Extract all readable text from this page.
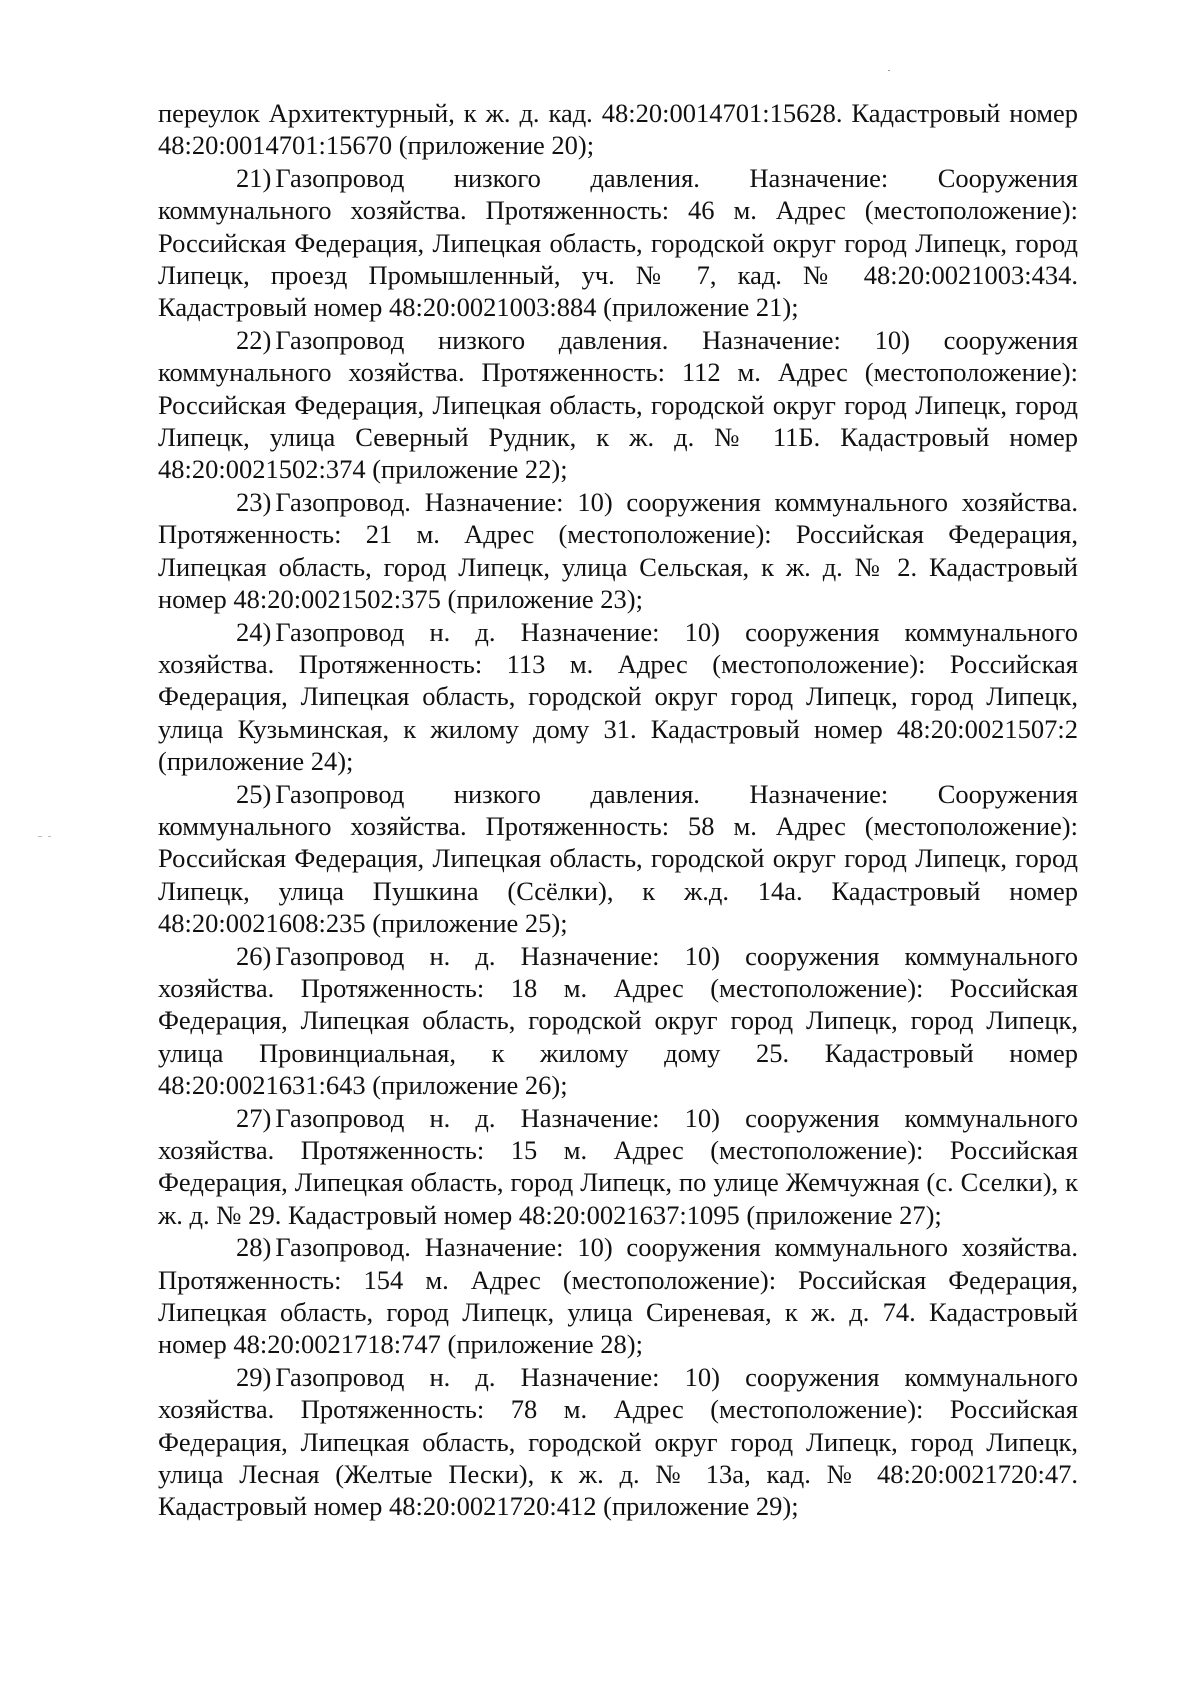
переулок Архитектурный, к ж. д. кад. 48:20:0014701:15628. Кадастровый номер 48:20:0014701:15670 (приложение 20);

21) Газопровод низкого давления. Назначение: Сооружения коммунального хозяйства. Протяженность: 46 м. Адрес (местоположение): Российская Федерация, Липецкая область, городской округ город Липецк, город Липецк, проезд Промышленный, уч. № 7, кад. № 48:20:0021003:434. Кадастровый номер 48:20:0021003:884 (приложение 21);

22) Газопровод низкого давления. Назначение: 10) сооружения коммунального хозяйства. Протяженность: 112 м. Адрес (местоположение): Российская Федерация, Липецкая область, городской округ город Липецк, город Липецк, улица Северный Рудник, к ж. д. № 11Б. Кадастровый номер 48:20:0021502:374 (приложение 22);

23) Газопровод. Назначение: 10) сооружения коммунального хозяйства. Протяженность: 21 м. Адрес (местоположение): Российская Федерация, Липецкая область, город Липецк, улица Сельская, к ж. д. № 2. Кадастровый номер 48:20:0021502:375 (приложение 23);

24) Газопровод н. д. Назначение: 10) сооружения коммунального хозяйства. Протяженность: 113 м. Адрес (местоположение): Российская Федерация, Липецкая область, городской округ город Липецк, город Липецк, улица Кузьминская, к жилому дому 31. Кадастровый номер 48:20:0021507:2 (приложение 24);

25) Газопровод низкого давления. Назначение: Сооружения коммунального хозяйства. Протяженность: 58 м. Адрес (местоположение): Российская Федерация, Липецкая область, городской округ город Липецк, город Липецк, улица Пушкина (Ссёлки), к ж.д. 14а. Кадастровый номер 48:20:0021608:235 (приложение 25);

26) Газопровод н. д. Назначение: 10) сооружения коммунального хозяйства. Протяженность: 18 м. Адрес (местоположение): Российская Федерация, Липецкая область, городской округ город Липецк, город Липецк, улица Провинциальная, к жилому дому 25. Кадастровый номер 48:20:0021631:643 (приложение 26);

27) Газопровод н. д. Назначение: 10) сооружения коммунального хозяйства. Протяженность: 15 м. Адрес (местоположение): Российская Федерация, Липецкая область, город Липецк, по улице Жемчужная (с. Сселки), к ж. д. № 29. Кадастровый номер 48:20:0021637:1095 (приложение 27);

28) Газопровод. Назначение: 10) сооружения коммунального хозяйства. Протяженность: 154 м. Адрес (местоположение): Российская Федерация, Липецкая область, город Липецк, улица Сиреневая, к ж. д. 74. Кадастровый номер 48:20:0021718:747 (приложение 28);

29) Газопровод н. д. Назначение: 10) сооружения коммунального хозяйства. Протяженность: 78 м. Адрес (местоположение): Российская Федерация, Липецкая область, городской округ город Липецк, город Липецк, улица Лесная (Желтые Пески), к ж. д. № 13а, кад. № 48:20:0021720:47. Кадастровый номер 48:20:0021720:412 (приложение 29);
